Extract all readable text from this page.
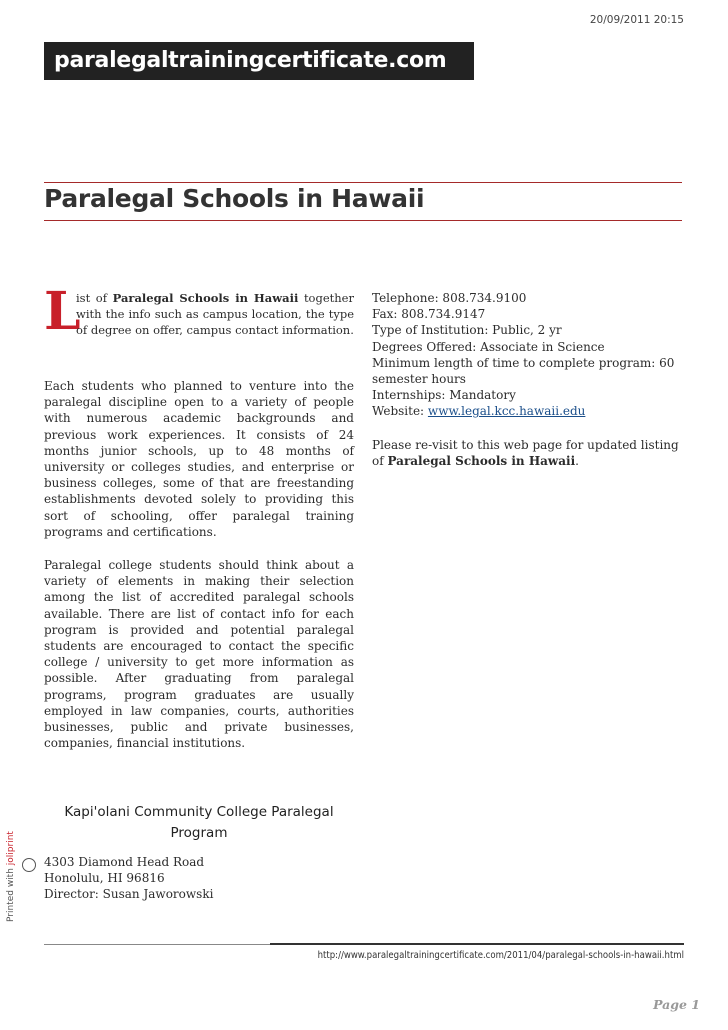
20/09/2011 20:15
paralegaltrainingcertificate.com
Paralegal Schools in Hawaii
L
ist of Paralegal Schools in Hawaii together with the info such as campus location, the type of degree on offer, campus contact information.

Each students who planned to venture into the paralegal discipline open to a variety of people with numerous academic backgrounds and previous work experiences. It consists of 24 months junior schools, up to 48 months of university or colleges studies, and enterprise or business colleges, some of that are freestanding establishments devoted solely to providing this sort of schooling, offer paralegal training programs and certifications.

Paralegal college students should think about a variety of elements in making their selection among the list of accredited paralegal schools available. There are list of contact info for each program is provided and potential paralegal students are encouraged to contact the specific college / university to get more information as possible. After graduating from paralegal programs, program graduates are usually employed in law companies, courts, authorities businesses, public and private businesses, companies, financial institutions.

Telephone: 808.734.9100
Fax: 808.734.9147
Type of Institution: Public, 2 yr
Degrees Offered: Associate in Science
Minimum length of time to complete program: 60
semester hours
Internships: Mandatory
Website: www.legal.kcc.hawaii.edu
Please re-visit to this web page for updated listing of Paralegal Schools in Hawaii.
Kapi'olani Community College Paralegal Program
4303 Diamond Head Road
Honolulu, HI 96816
Director: Susan Jaworowski
Printed with joliprint
http://www.paralegaltrainingcertificate.com/2011/04/paralegal-schools-in-hawaii.html
Page 1
